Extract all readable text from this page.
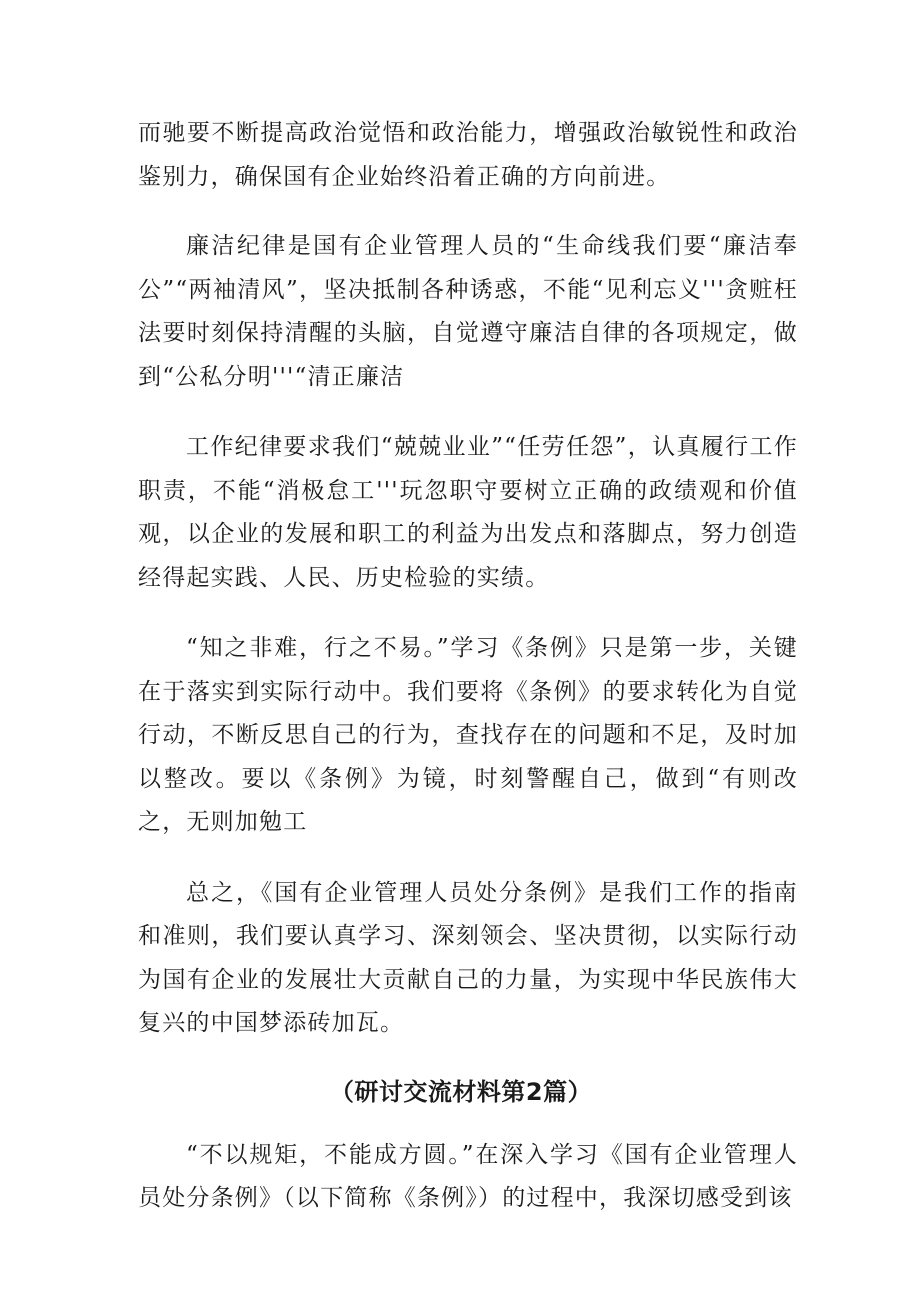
而驰要不断提高政治觉悟和政治能力，增强政治敏锐性和政治鉴别力，确保国有企业始终沿着正确的方向前进。

廉洁纪律是国有企业管理人员的“生命线我们要“廉洁奉公”“两袖清风”，坚决抵制各种诱惑，不能“见利忘义'''贪赃枉法要时刻保持清醒的头脑，自觉遵守廉洁自律的各项规定，做到“公私分明'''“清正廉洁

工作纪律要求我们“兢兢业业”“任劳任怨”，认真履行工作职责，不能“消极怠工'''玩忽职守要树立正确的政绩观和价值观，以企业的发展和职工的利益为出发点和落脚点，努力创造经得起实践、人民、历史检验的实绩。

“知之非难，行之不易。”学习《条例》只是第一步，关键在于落实到实际行动中。我们要将《条例》的要求转化为自觉行动，不断反思自己的行为，查找存在的问题和不足，及时加以整改。要以《条例》为镜，时刻警醒自己，做到“有则改之，无则加勉工

总之，《国有企业管理人员处分条例》是我们工作的指南和准则，我们要认真学习、深刻领会、坚决贯彻，以实际行动为国有企业的发展壮大贡献自己的力量，为实现中华民族伟大复兴的中国梦添砖加瓦。

（研讨交流材料第2篇）

“不以规矩，不能成方圆。”在深入学习《国有企业管理人员处分条例》（以下简称《条例》）的过程中，我深切感受到该
